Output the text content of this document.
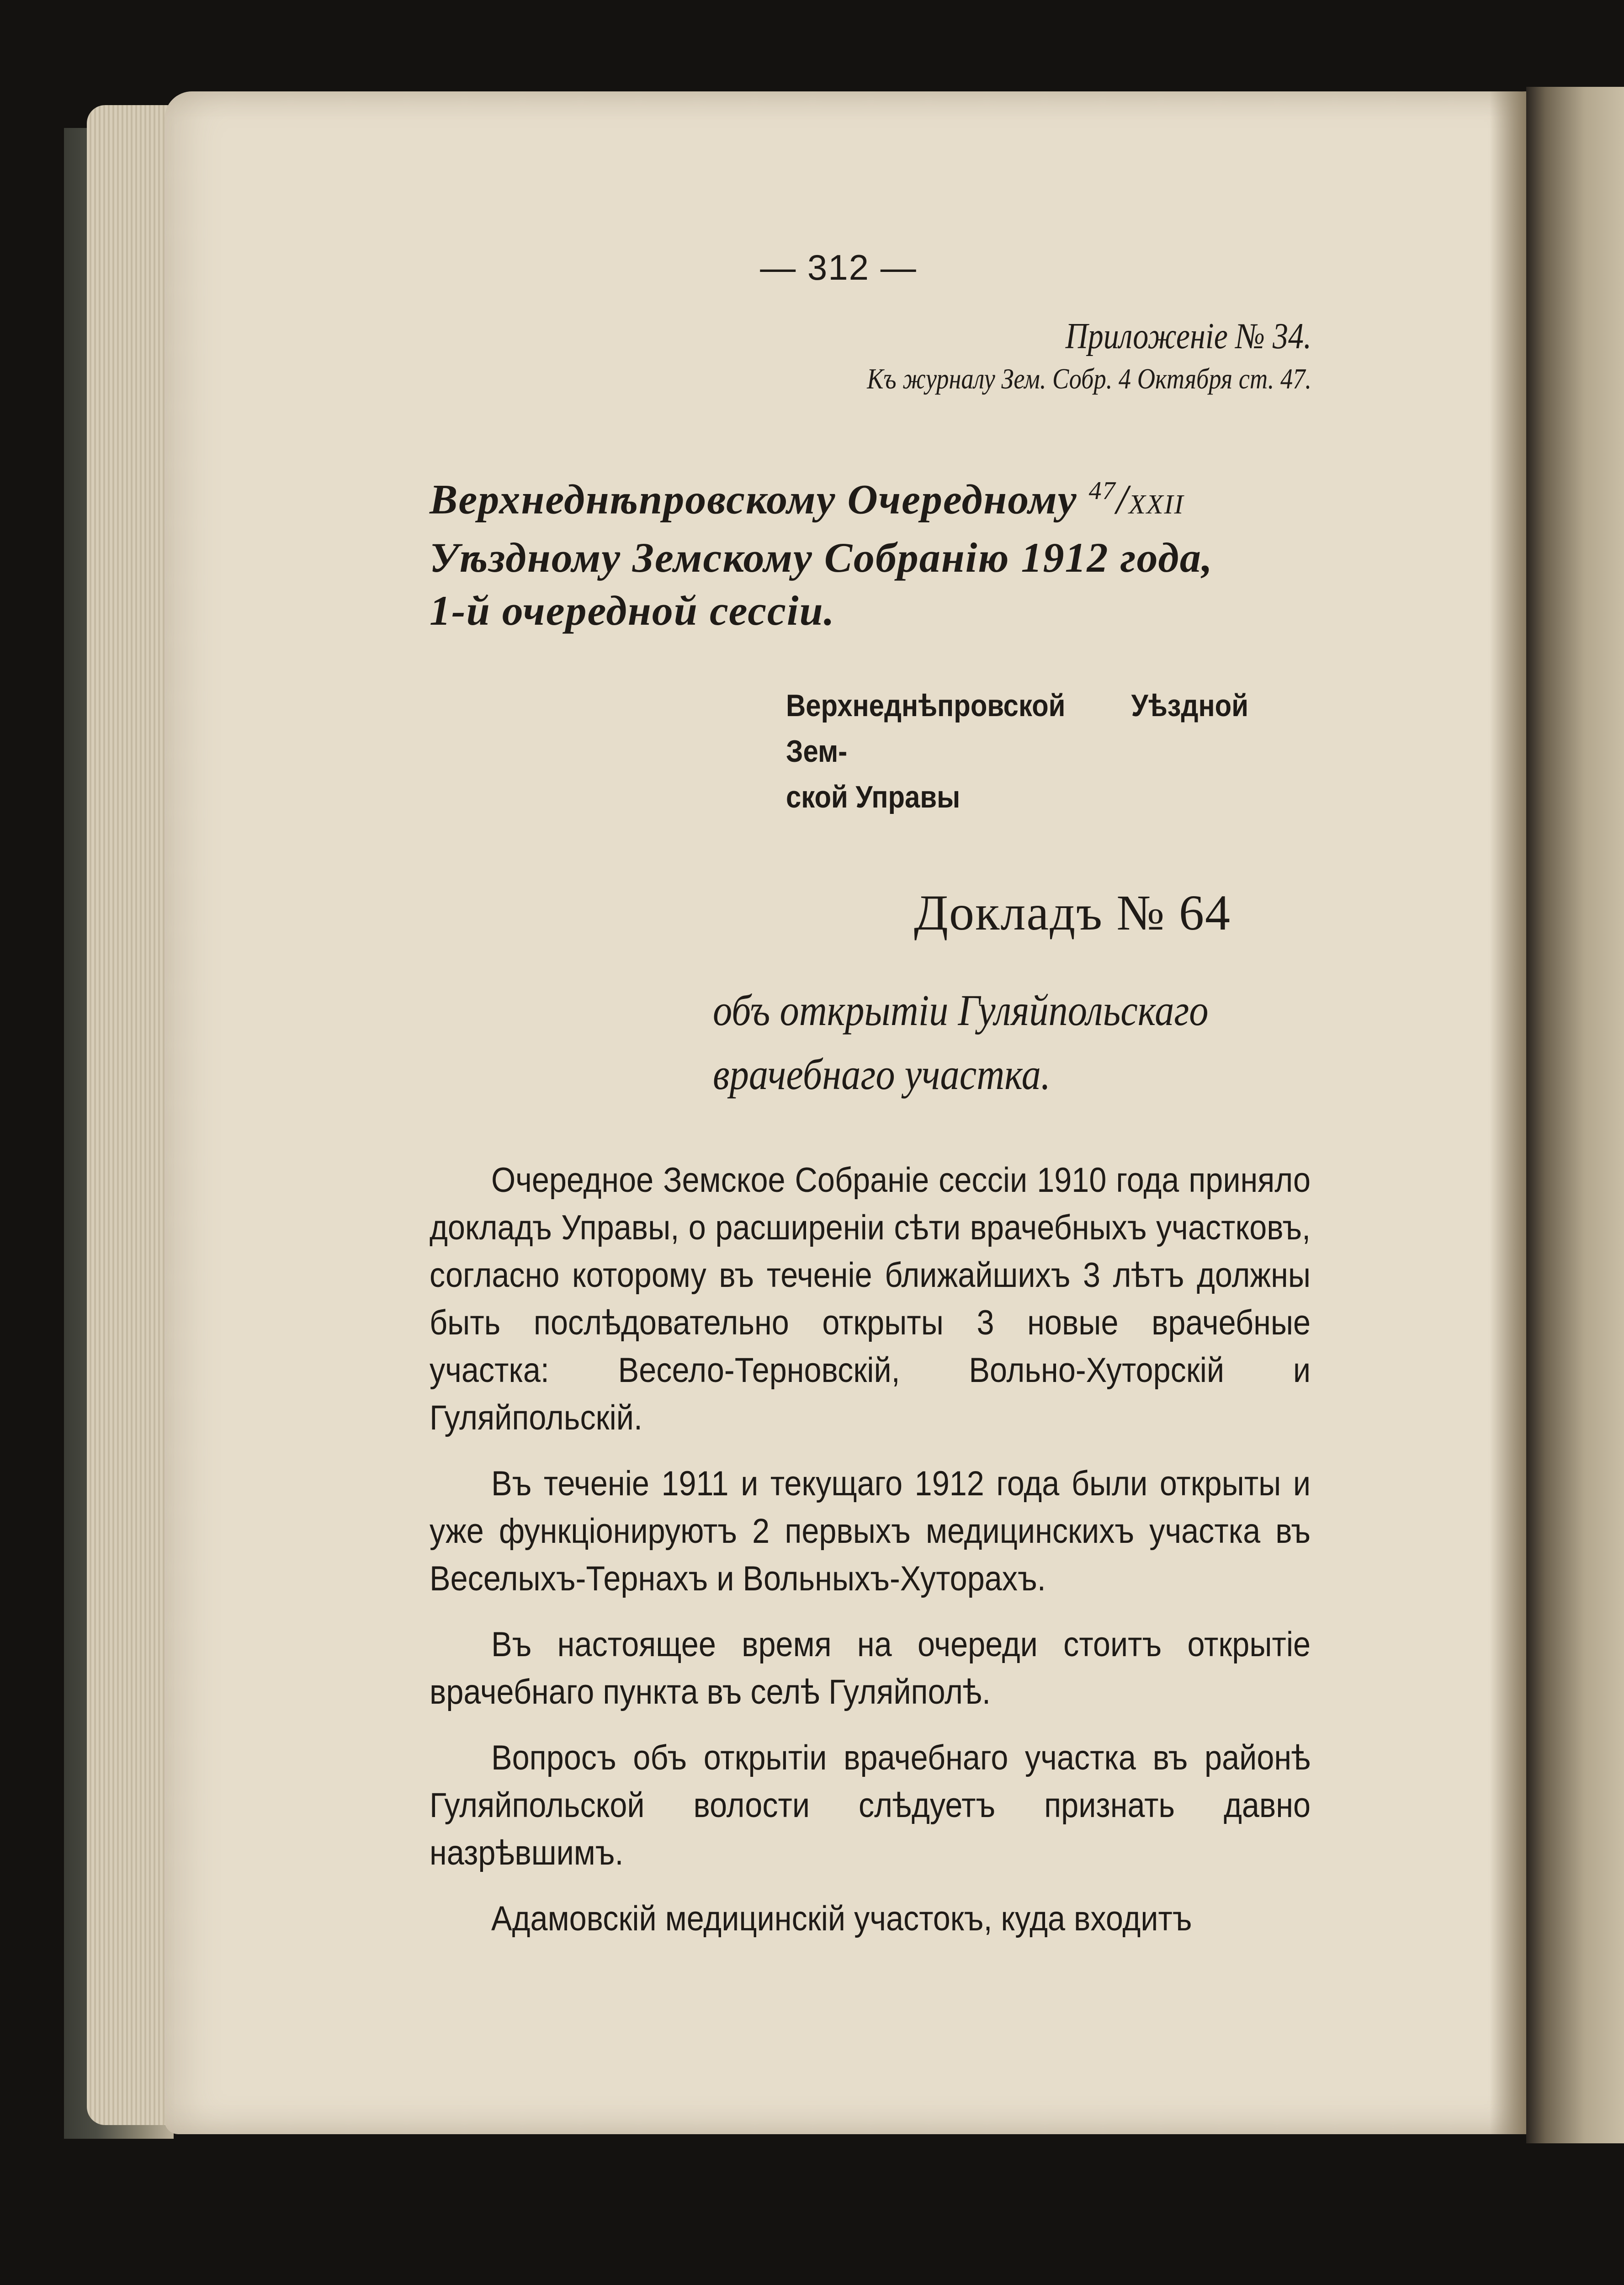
— 312 —
Приложеніе № 34.
Къ журналу Зем. Собр. 4 Октября ст. 47.
Верхнеднѣпровскому Очередному $^{47}$/XXII
Уѣздному Земскому Собранію 1912 года,
1-й очередной сессіи.
Верхнеднѣпровской Уѣздной Зем-
ской Управы
Докладъ № 64
объ открытіи Гуляйпольскаго
врачебнаго участка.

Очередное Земское Собраніе сессіи 1910 года приняло докладъ Управы, о расширеніи сѣти врачебныхъ участковъ, согласно которому въ теченіе ближайшихъ 3 лѣтъ должны быть послѣдовательно открыты 3 новые врачебные участка: Весело-Терновскій, Вольно-Хуторскій и Гуляйпольскій.

Въ теченіе 1911 и текущаго 1912 года были открыты и уже функціонируютъ 2 первыхъ медицинскихъ участка въ Веселыхъ-Тернахъ и Вольныхъ-Хуторахъ.

Въ настоящее время на очереди стоитъ открытіе врачебнаго пункта въ селѣ Гуляйполѣ.

Вопросъ объ открытіи врачебнаго участка въ районѣ Гуляйпольской волости слѣдуетъ признать давно назрѣвшимъ.

Адамовскій медицинскій участокъ, куда входитъ
